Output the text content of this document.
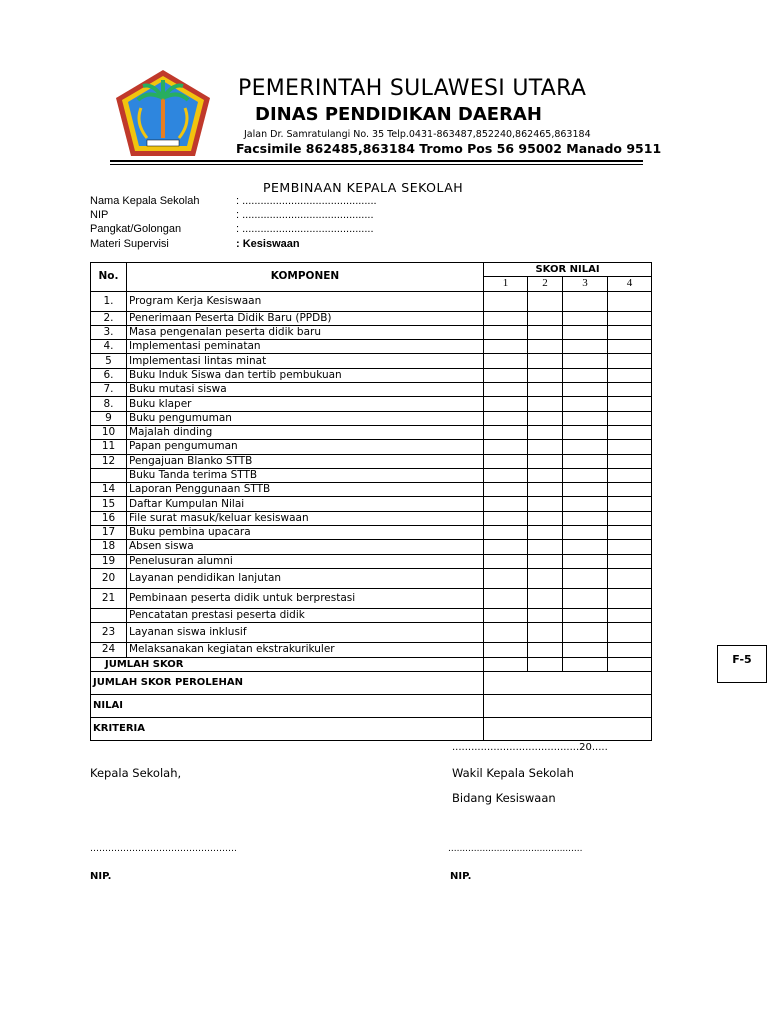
PEMERINTAH SULAWESI UTARA
DINAS PENDIDIKAN DAERAH
Jalan Dr. Samratulangi No. 35 Telp.0431-863487,852240,862465,863184
Facsimile 862485,863184 Tromo Pos 56 95002 Manado 9511
PEMBINAAN KEPALA SEKOLAH
Nama Kepala Sekolah	: ............................................
NIP	: ...........................................
Pangkat/Golongan	: ...........................................
Materi Supervisi	: Kesiswaan
No.	KOMPONEN	SKOR NILAI			
		1	2	3	4
1.	Program Kerja Kesiswaan				
2.	Penerimaan Peserta Didik Baru (PPDB)				
3.	Masa pengenalan peserta didik baru				
4.	Implementasi peminatan				
5	Implementasi lintas minat				
6.	Buku Induk Siswa dan tertib pembukuan				
7.	Buku mutasi siswa				
8.	Buku klaper				
9	Buku pengumuman				
10	Majalah dinding				
11	Papan pengumuman				
12	Pengajuan Blanko STTB				
	Buku Tanda terima STTB				
14	Laporan Penggunaan STTB				
15	Daftar Kumpulan Nilai				
16	File surat masuk/keluar kesiswaan				
17	Buku pembina upacara				
18	Absen siswa				
19	Penelusuran alumni				
20	Layanan pendidikan lanjutan				
21	Pembinaan peserta didik untuk berprestasi				
	Pencatatan prestasi peserta didik				
23	Layanan siswa inklusif				
24	Melaksanakan kegiatan ekstrakurikuler				
JUMLAH SKOR					
JUMLAH SKOR PEROLEHAN					
NILAI					
KRITERIA					
F-5
........................................20.....
Kepala Sekolah,	Wakil Kepala Sekolah
Bidang Kesiswaan
………………………………………….	...............................................
NIP.	NIP.
